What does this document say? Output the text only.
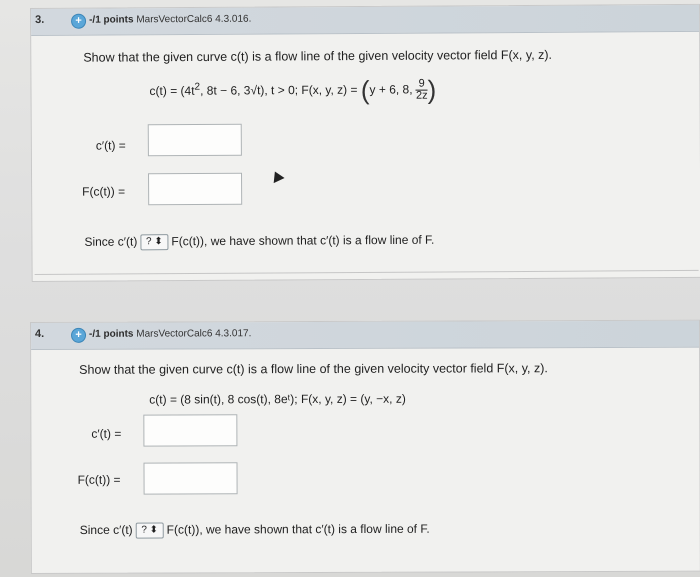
3.	+ -/1 points MarsVectorCalc6 4.3.016.
Show that the given curve c(t) is a flow line of the given velocity vector field F(x, y, z).
$c(t) = (4t^2$, 8t − 6, 3√t), t > 0; F(x, y, z) = (y + 6, 8, $\frac{9}{2z}$ )
c′(t) =
F(c(t)) =
Since c′(t) ? ⬍ F(c(t)), we have shown that c′(t) is a flow line of F.
4.	+ -/1 points MarsVectorCalc6 4.3.017.
Show that the given curve c(t) is a flow line of the given velocity vector field F(x, y, z).
c(t) = (8 sin(t), 8 cos(t), 8eᵗ); F(x, y, z) = (y, −x, z)
c′(t) =
F(c(t)) =
Since c′(t) ? ⬍ F(c(t)), we have shown that c′(t) is a flow line of F.
